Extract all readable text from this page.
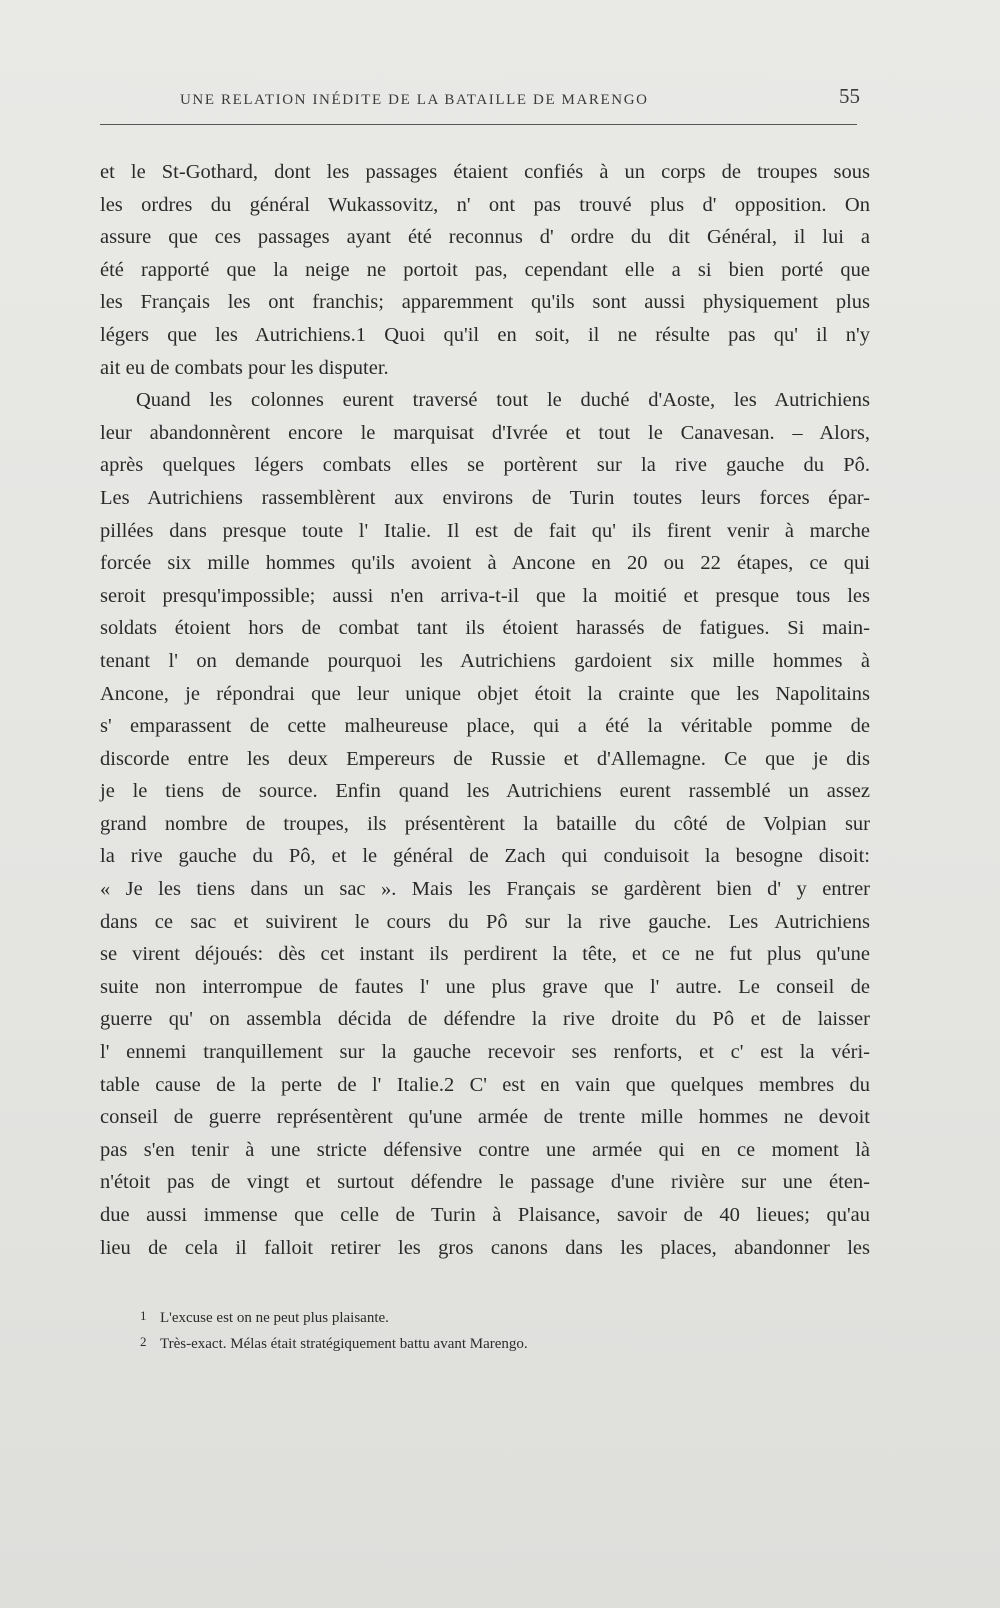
UNE RELATION INÉDITE DE LA BATAILLE DE MARENGO	55
et le St-Gothard, dont les passages étaient confiés à un corps de troupes sous
les ordres du général Wukassovitz, n' ont pas trouvé plus d' opposition. On
assure que ces passages ayant été reconnus d' ordre du dit Général, il lui a
été rapporté que la neige ne portoit pas, cependant elle a si bien porté que
les Français les ont franchis; apparemment qu'ils sont aussi physiquement plus
légers que les Autrichiens.1 Quoi qu'il en soit, il ne résulte pas qu' il n'y
ait eu de combats pour les disputer.
Quand les colonnes eurent traversé tout le duché d'Aoste, les Autrichiens
leur abandonnèrent encore le marquisat d'Ivrée et tout le Canavesan. – Alors,
après quelques légers combats elles se portèrent sur la rive gauche du Pô.
Les Autrichiens rassemblèrent aux environs de Turin toutes leurs forces épar-
pillées dans presque toute l' Italie. Il est de fait qu' ils firent venir à marche
forcée six mille hommes qu'ils avoient à Ancone en 20 ou 22 étapes, ce qui
seroit presqu'impossible; aussi n'en arriva-t-il que la moitié et presque tous les
soldats étoient hors de combat tant ils étoient harassés de fatigues. Si main-
tenant l' on demande pourquoi les Autrichiens gardoient six mille hommes à
Ancone, je répondrai que leur unique objet étoit la crainte que les Napolitains
s' emparassent de cette malheureuse place, qui a été la véritable pomme de
discorde entre les deux Empereurs de Russie et d'Allemagne. Ce que je dis
je le tiens de source. Enfin quand les Autrichiens eurent rassemblé un assez
grand nombre de troupes, ils présentèrent la bataille du côté de Volpian sur
la rive gauche du Pô, et le général de Zach qui conduisoit la besogne disoit:
« Je les tiens dans un sac ». Mais les Français se gardèrent bien d' y entrer
dans ce sac et suivirent le cours du Pô sur la rive gauche. Les Autrichiens
se virent déjoués: dès cet instant ils perdirent la tête, et ce ne fut plus qu'une
suite non interrompue de fautes l' une plus grave que l' autre. Le conseil de
guerre qu' on assembla décida de défendre la rive droite du Pô et de laisser
l' ennemi tranquillement sur la gauche recevoir ses renforts, et c' est la véri-
table cause de la perte de l' Italie.2 C' est en vain que quelques membres du
conseil de guerre représentèrent qu'une armée de trente mille hommes ne devoit
pas s'en tenir à une stricte défensive contre une armée qui en ce moment là
n'étoit pas de vingt et surtout défendre le passage d'une rivière sur une éten-
due aussi immense que celle de Turin à Plaisance, savoir de 40 lieues; qu'au
lieu de cela il falloit retirer les gros canons dans les places, abandonner les
1 L'excuse est on ne peut plus plaisante.
2 Très-exact. Mélas était stratégiquement battu avant Marengo.
